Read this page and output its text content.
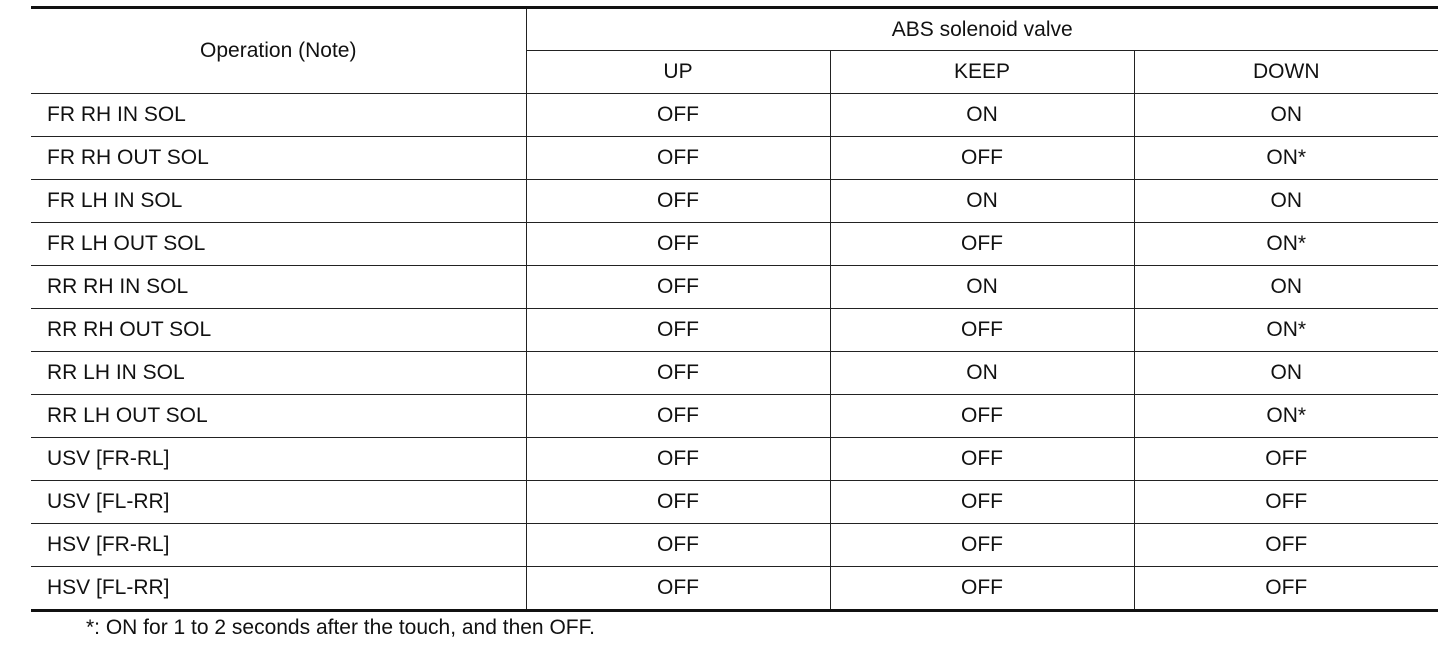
Operation (Note)	ABS solenoid valve		
	UP	KEEP	DOWN
FR RH IN SOL	OFF	ON	ON
FR RH OUT SOL	OFF	OFF	ON*
FR LH IN SOL	OFF	ON	ON
FR LH OUT SOL	OFF	OFF	ON*
RR RH IN SOL	OFF	ON	ON
RR RH OUT SOL	OFF	OFF	ON*
RR LH IN SOL	OFF	ON	ON
RR LH OUT SOL	OFF	OFF	ON*
USV [FR-RL]	OFF	OFF	OFF
USV [FL-RR]	OFF	OFF	OFF
HSV [FR-RL]	OFF	OFF	OFF
HSV [FL-RR]	OFF	OFF	OFF
*: ON for 1 to 2 seconds after the touch, and then OFF.
